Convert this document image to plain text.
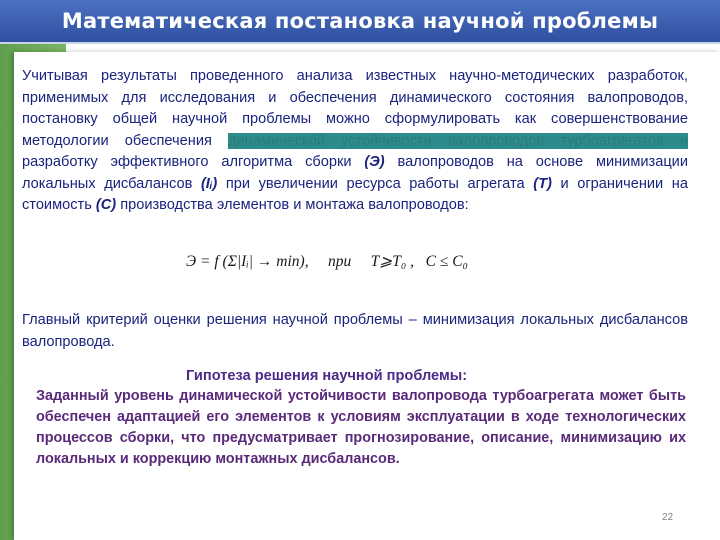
Математическая постановка научной проблемы
Учитывая результаты проведенного анализа известных научно-методических разработок, применимых для исследования и обеспечения динамического состояния валопроводов, постановку общей научной проблемы можно сформулировать как совершенствование методологии обеспечения динамической устойчивости валопроводов турбоагрегатов и разработку эффективного алгоритма сборки (Э) валопроводов на основе минимизации локальных дисбалансов (Iᵢ) при увеличении ресурса работы агрегата (T) и ограничении на стоимость (C) производства элементов и монтажа валопроводов:
Э = f (Σ|Iᵢ| → min), при T⩾T₀ , C ≤ C₀
Главный критерий оценки решения научной проблемы – минимизация локальных дисбалансов валопровода.
Гипотеза решения научной проблемы:
Заданный уровень динамической устойчивости валопровода турбоагрегата может быть обеспечен адаптацией его элементов к условиям эксплуатации в ходе технологических процессов сборки, что предусматривает прогнозирование, описание, минимизацию их локальных и коррекцию монтажных дисбалансов.
22
